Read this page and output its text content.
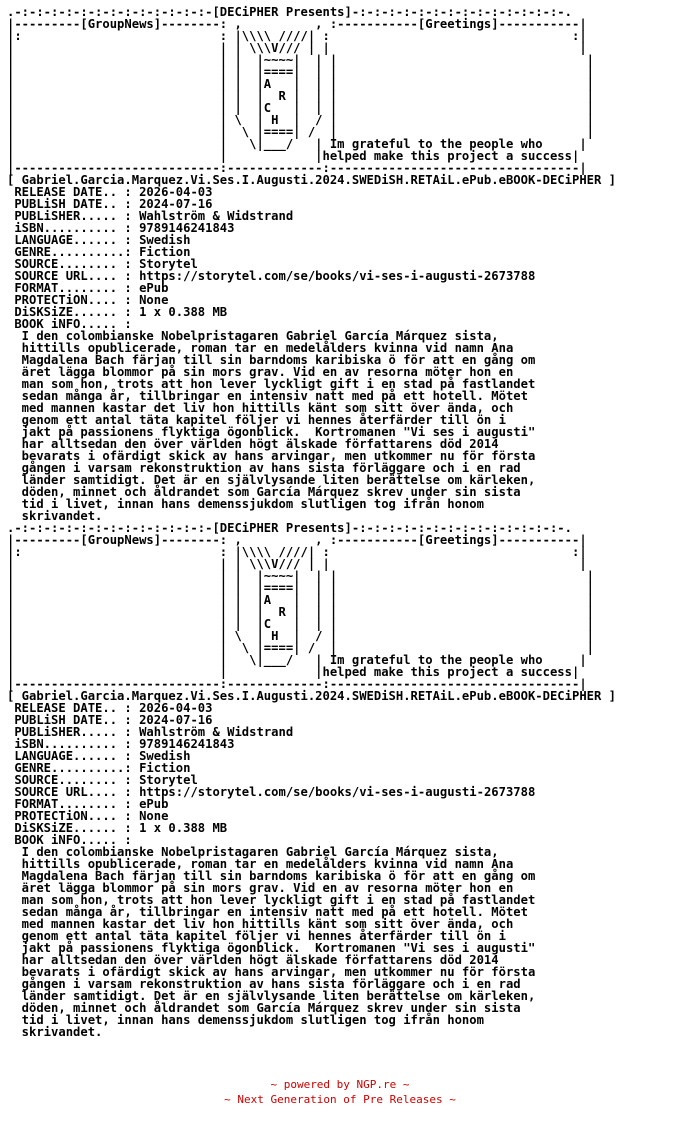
.-:-:-:-:-:-:-:-:-:-:-:-:-:-[DECiPHER Presents]-:-:-:-:-:-:-:-:-:-:-:-:-:-:-.
|---------[GroupNews]--------: ,          , :-----------[Greetings]-----------|
|:                           : |\\\\ ////| :                                 :|
|                            | | \\\V/// | |                                  |
|                            | |  |~~~~|  | |                                  |
|                            | |  |====|  | |                                  |
|                            | |  |A   |  | |                                  |
|                            | |  |  R |  | |                                  |
|                            | |  |C   |  | |                                  |
|                            | \  | H  |  / |                                  |
|                            |  \ |====| /  |                                  |
|                            |   \|___/   | Im grateful to the people who     |
|                            |            |helped make this project a success|
|----------------------------:-------------:----------------------------------|
[ Gabriel.Garcia.Marquez.Vi.Ses.I.Augusti.2024.SWEDiSH.RETAiL.ePub.eBOOK-DECiPHER ]
RELEASE DATE.. : 2026-04-03
PUBLiSH DATE.. : 2024-07-16
PUBLiSHER..... : Wahlström & Widstrand
iSBN.......... : 9789146241843
LANGUAGE...... : Swedish
GENRE..........: Fiction
SOURCE........ : Storytel
SOURCE URL.... : https://storytel.com/se/books/vi-ses-i-augusti-2673788
FORMAT........ : ePub
PROTECTiON.... : None
DiSKSiZE...... : 1 x 0.388 MB
BOOK iNFO..... :
I den colombianske Nobelpristagaren Gabriel García Márquez sista,
hittills opublicerade, roman tar en medelålders kvinna vid namn Ana
Magdalena Bach färjan till sin barndoms karibiska ö för att en gång om
äret lägga blommor på sin mors grav. Vid en av resorna möter hon en
man som hon, trots att hon lever lyckligt gift i en stad på fastlandet
sedan många år, tillbringar en intensiv natt med på ett hotell. Mötet
med mannen kastar det liv hon hittills känt som sitt över ända, och
genom ett antal täta kapitel följer vi hennes återfärder till ön i
jakt på passionens flyktiga ögonblick.  Kortromanen "Vi ses i augusti"
har alltsedan den över världen högt älskade författarens död 2014
bevarats i ofärdigt skick av hans arvingar, men utkommer nu för första
gången i varsam rekonstruktion av hans sista förläggare och i en rad
länder samtidigt. Det är en självlysande liten berättelse om kärleken,
döden, minnet och åldrandet som García Márquez skrev under sin sista
tid i livet, innan hans demenssjukdom slutligen tog ifrån honom
skrivandet.
.-:-:-:-:-:-:-:-:-:-:-:-:-:-[DECiPHER Presents]-:-:-:-:-:-:-:-:-:-:-:-:-:-:-.
|---------[GroupNews]--------: ,          , :-----------[Greetings]-----------|
|:                           : |\\\\ ////| :                                 :|
|                            | | \\\V/// | |                                  |
|                            | |  |~~~~|  | |                                  |
|                            | |  |====|  | |                                  |
|                            | |  |A   |  | |                                  |
|                            | |  |  R |  | |                                  |
|                            | |  |C   |  | |                                  |
|                            | \  | H  |  / |                                  |
|                            |  \ |====| /  |                                  |
|                            |   \|___/   | Im grateful to the people who     |
|                            |            |helped make this project a success|
|----------------------------:-------------:----------------------------------|
[ Gabriel.Garcia.Marquez.Vi.Ses.I.Augusti.2024.SWEDiSH.RETAiL.ePub.eBOOK-DECiPHER ]
RELEASE DATE.. : 2026-04-03
PUBLiSH DATE.. : 2024-07-16
PUBLiSHER..... : Wahlström & Widstrand
iSBN.......... : 9789146241843
LANGUAGE...... : Swedish
GENRE..........: Fiction
SOURCE........ : Storytel
SOURCE URL.... : https://storytel.com/se/books/vi-ses-i-augusti-2673788
FORMAT........ : ePub
PROTECTiON.... : None
DiSKSiZE...... : 1 x 0.388 MB
BOOK iNFO..... :
I den colombianske Nobelpristagaren Gabriel García Márquez sista,
hittills opublicerade, roman tar en medelålders kvinna vid namn Ana
Magdalena Bach färjan till sin barndoms karibiska ö för att en gång om
äret lägga blommor på sin mors grav. Vid en av resorna möter hon en
man som hon, trots att hon lever lyckligt gift i en stad på fastlandet
sedan många år, tillbringar en intensiv natt med på ett hotell. Mötet
med mannen kastar det liv hon hittills känt som sitt över ända, och
genom ett antal täta kapitel följer vi hennes återfärder till ön i
jakt på passionens flyktiga ögonblick.  Kortromanen "Vi ses i augusti"
har alltsedan den över världen högt älskade författarens död 2014
bevarats i ofärdigt skick av hans arvingar, men utkommer nu för första
gången i varsam rekonstruktion av hans sista förläggare och i en rad
länder samtidigt. Det är en självlysande liten berättelse om kärleken,
döden, minnet och åldrandet som García Márquez skrev under sin sista
tid i livet, innan hans demenssjukdom slutligen tog ifrån honom
skrivandet.
~ powered by NGP.re ~
~ Next Generation of Pre Releases ~
